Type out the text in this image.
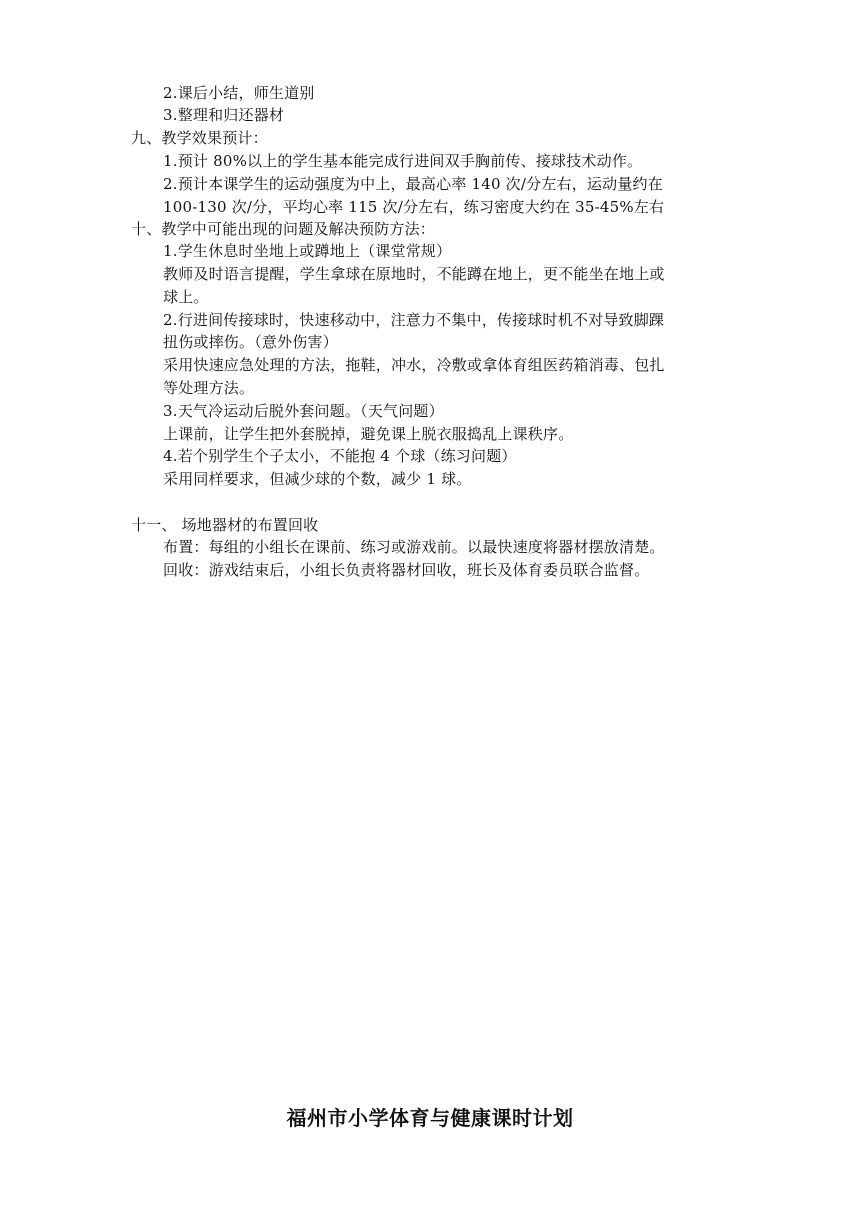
2.课后小结，师生道别
3.整理和归还器材
九、教学效果预计：
1.预计 80%以上的学生基本能完成行进间双手胸前传、接球技术动作。
2.预计本课学生的运动强度为中上，最高心率 140 次/分左右，运动量约在
100-130 次/分，平均心率 115 次/分左右，练习密度大约在 35-45%左右
十、教学中可能出现的问题及解决预防方法：
1.学生休息时坐地上或蹲地上（课堂常规）
教师及时语言提醒，学生拿球在原地时，不能蹲在地上，更不能坐在地上或
球上。
2.行进间传接球时，快速移动中，注意力不集中，传接球时机不对导致脚踝
扭伤或摔伤。（意外伤害）
采用快速应急处理的方法，拖鞋，冲水，冷敷或拿体育组医药箱消毒、包扎
等处理方法。
3.天气冷运动后脱外套问题。（天气问题）
上课前，让学生把外套脱掉，避免课上脱衣服捣乱上课秩序。
4.若个别学生个子太小，不能抱 4 个球（练习问题）
采用同样要求，但减少球的个数，减少 1 球。
十一、 场地器材的布置回收
布置：每组的小组长在课前、练习或游戏前。以最快速度将器材摆放清楚。
回收：游戏结束后，小组长负责将器材回收，班长及体育委员联合监督。
福州市小学体育与健康课时计划
